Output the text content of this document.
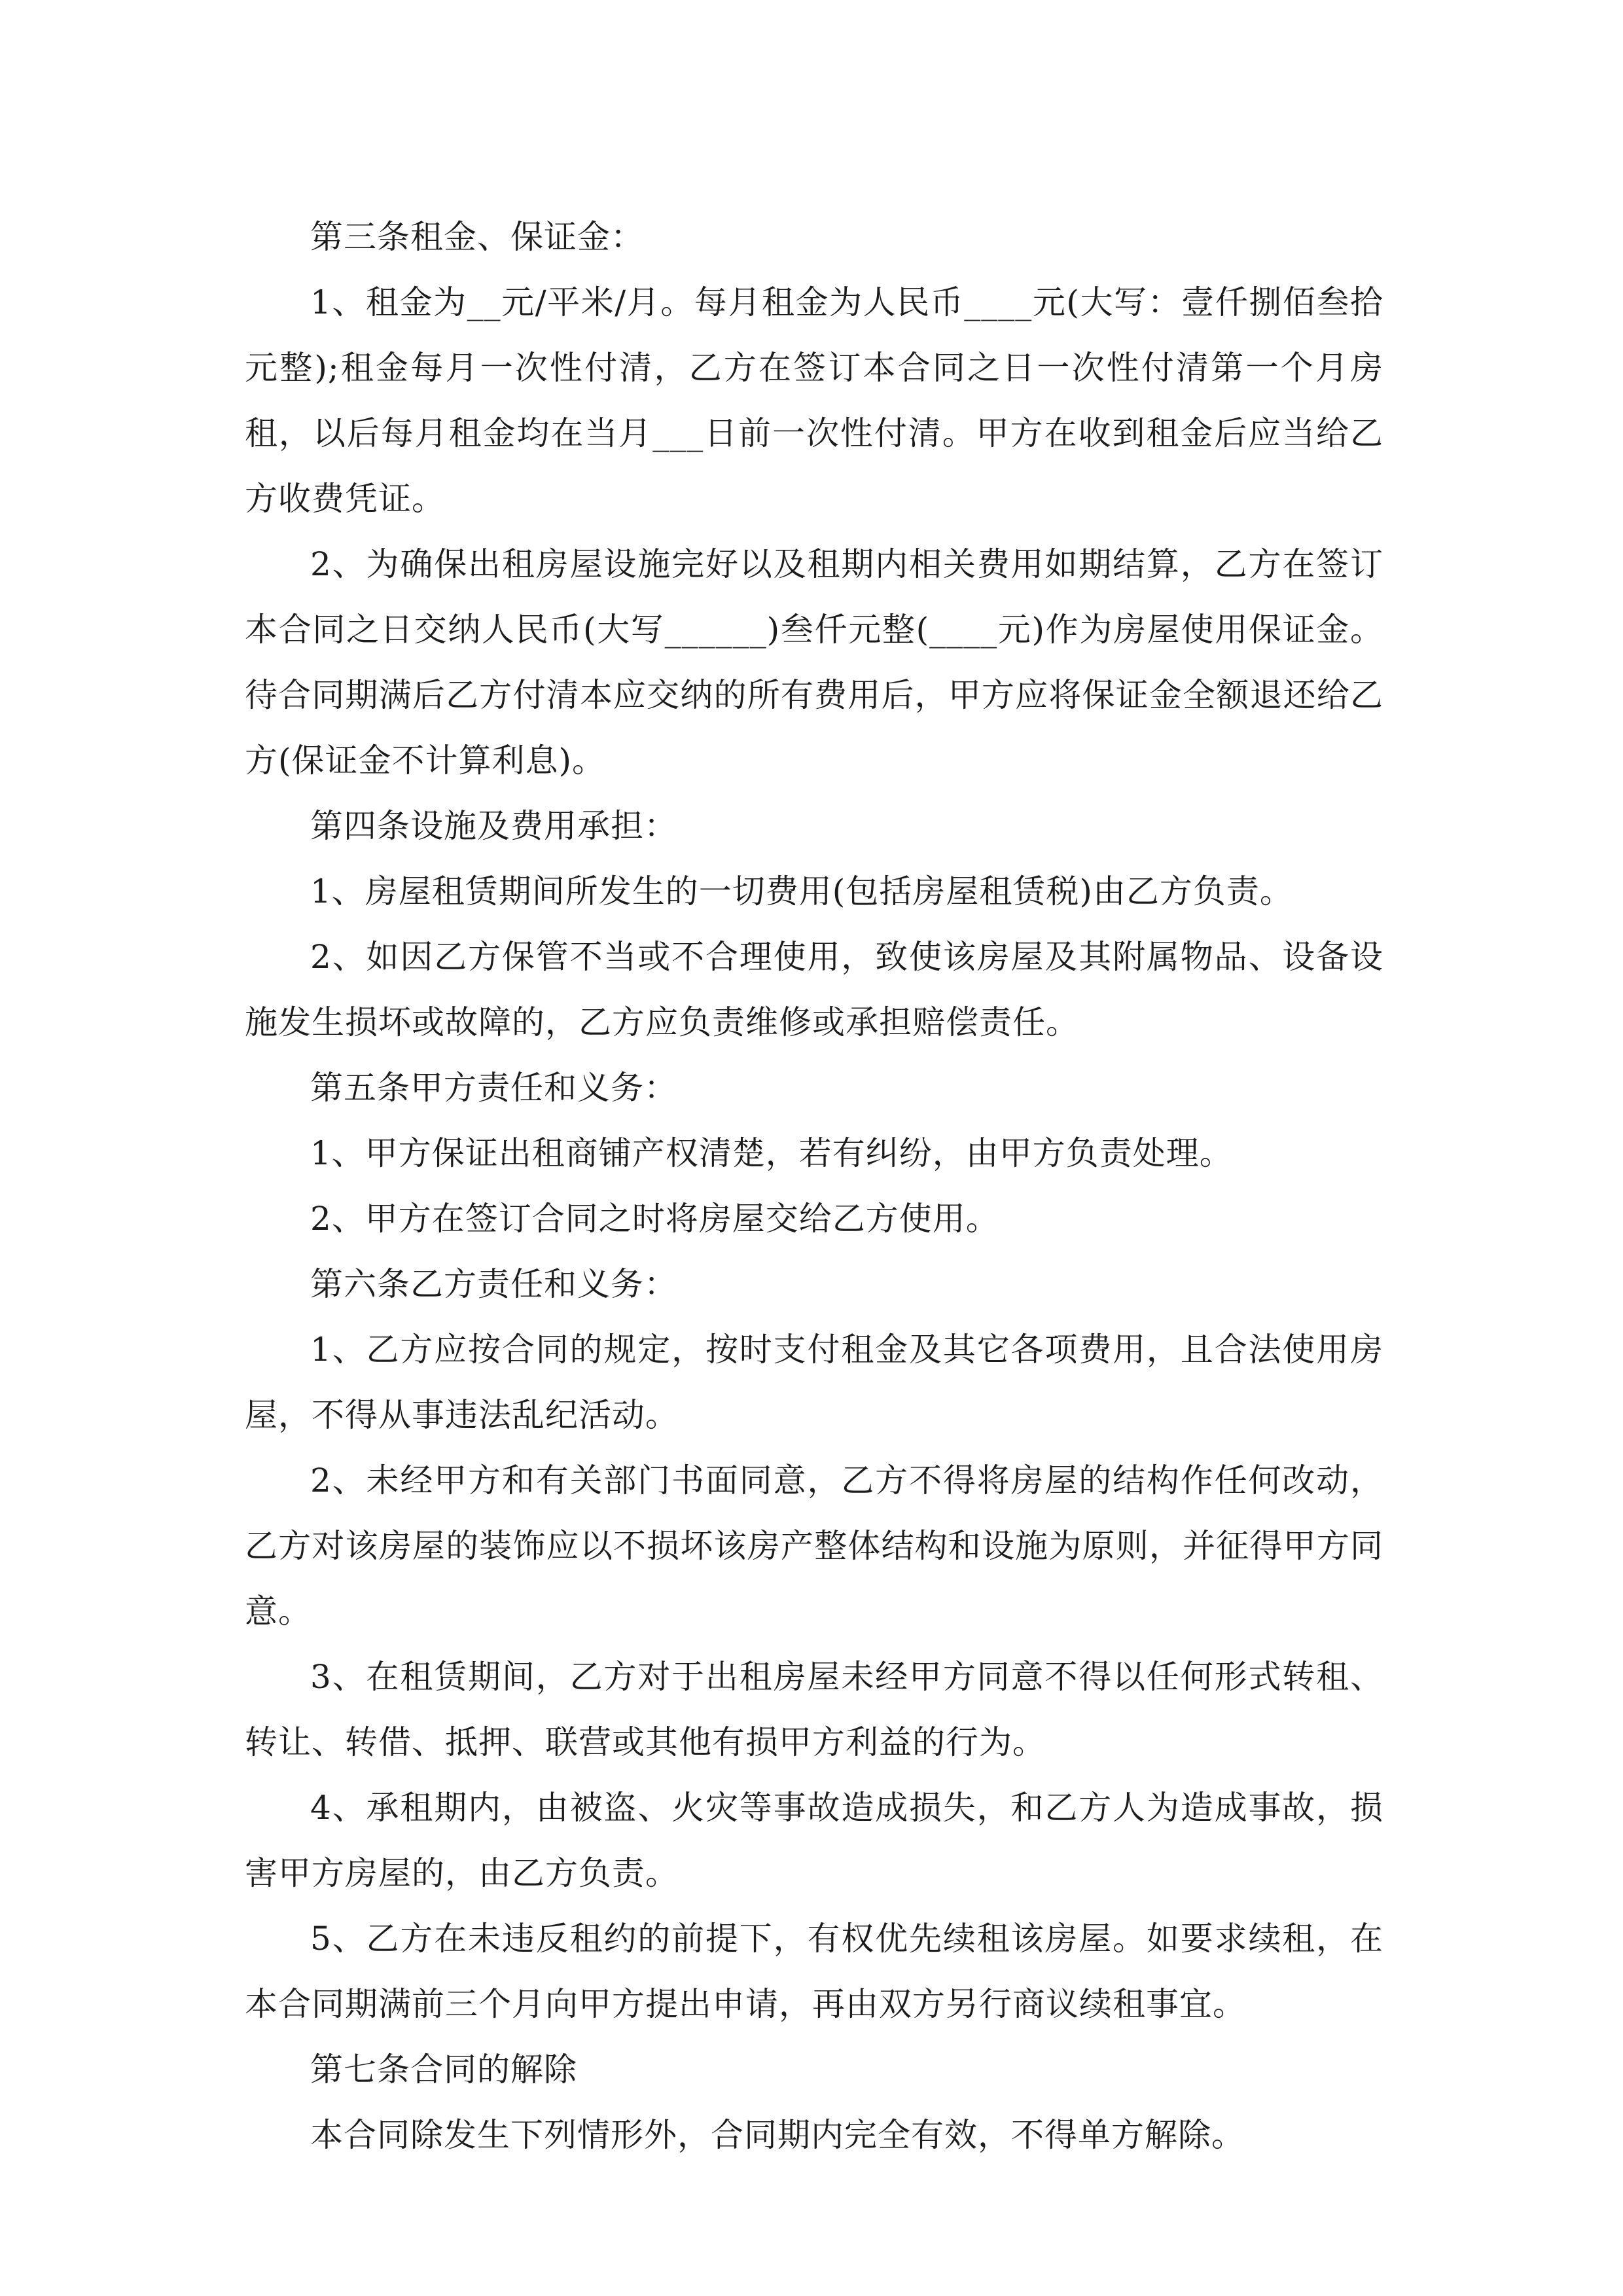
第三条租金、保证金：

1、租金为__元/平米/月。每月租金为人民币____元(大写：壹仟捌佰叁拾元整);租金每月一次性付清，乙方在签订本合同之日一次性付清第一个月房租，以后每月租金均在当月___日前一次性付清。甲方在收到租金后应当给乙方收费凭证。

2、为确保出租房屋设施完好以及租期内相关费用如期结算，乙方在签订本合同之日交纳人民币(大写______)叁仟元整(____元)作为房屋使用保证金。待合同期满后乙方付清本应交纳的所有费用后，甲方应将保证金全额退还给乙方(保证金不计算利息)。

第四条设施及费用承担：

1、房屋租赁期间所发生的一切费用(包括房屋租赁税)由乙方负责。

2、如因乙方保管不当或不合理使用，致使该房屋及其附属物品、设备设施发生损坏或故障的，乙方应负责维修或承担赔偿责任。

第五条甲方责任和义务：

1、甲方保证出租商铺产权清楚，若有纠纷，由甲方负责处理。

2、甲方在签订合同之时将房屋交给乙方使用。

第六条乙方责任和义务：

1、乙方应按合同的规定，按时支付租金及其它各项费用，且合法使用房屋，不得从事违法乱纪活动。

2、未经甲方和有关部门书面同意，乙方不得将房屋的结构作任何改动，乙方对该房屋的装饰应以不损坏该房产整体结构和设施为原则，并征得甲方同意。

3、在租赁期间，乙方对于出租房屋未经甲方同意不得以任何形式转租、转让、转借、抵押、联营或其他有损甲方利益的行为。

4、承租期内，由被盗、火灾等事故造成损失，和乙方人为造成事故，损害甲方房屋的，由乙方负责。

5、乙方在未违反租约的前提下，有权优先续租该房屋。如要求续租，在本合同期满前三个月向甲方提出申请，再由双方另行商议续租事宜。

第七条合同的解除

本合同除发生下列情形外，合同期内完全有效，不得单方解除。
